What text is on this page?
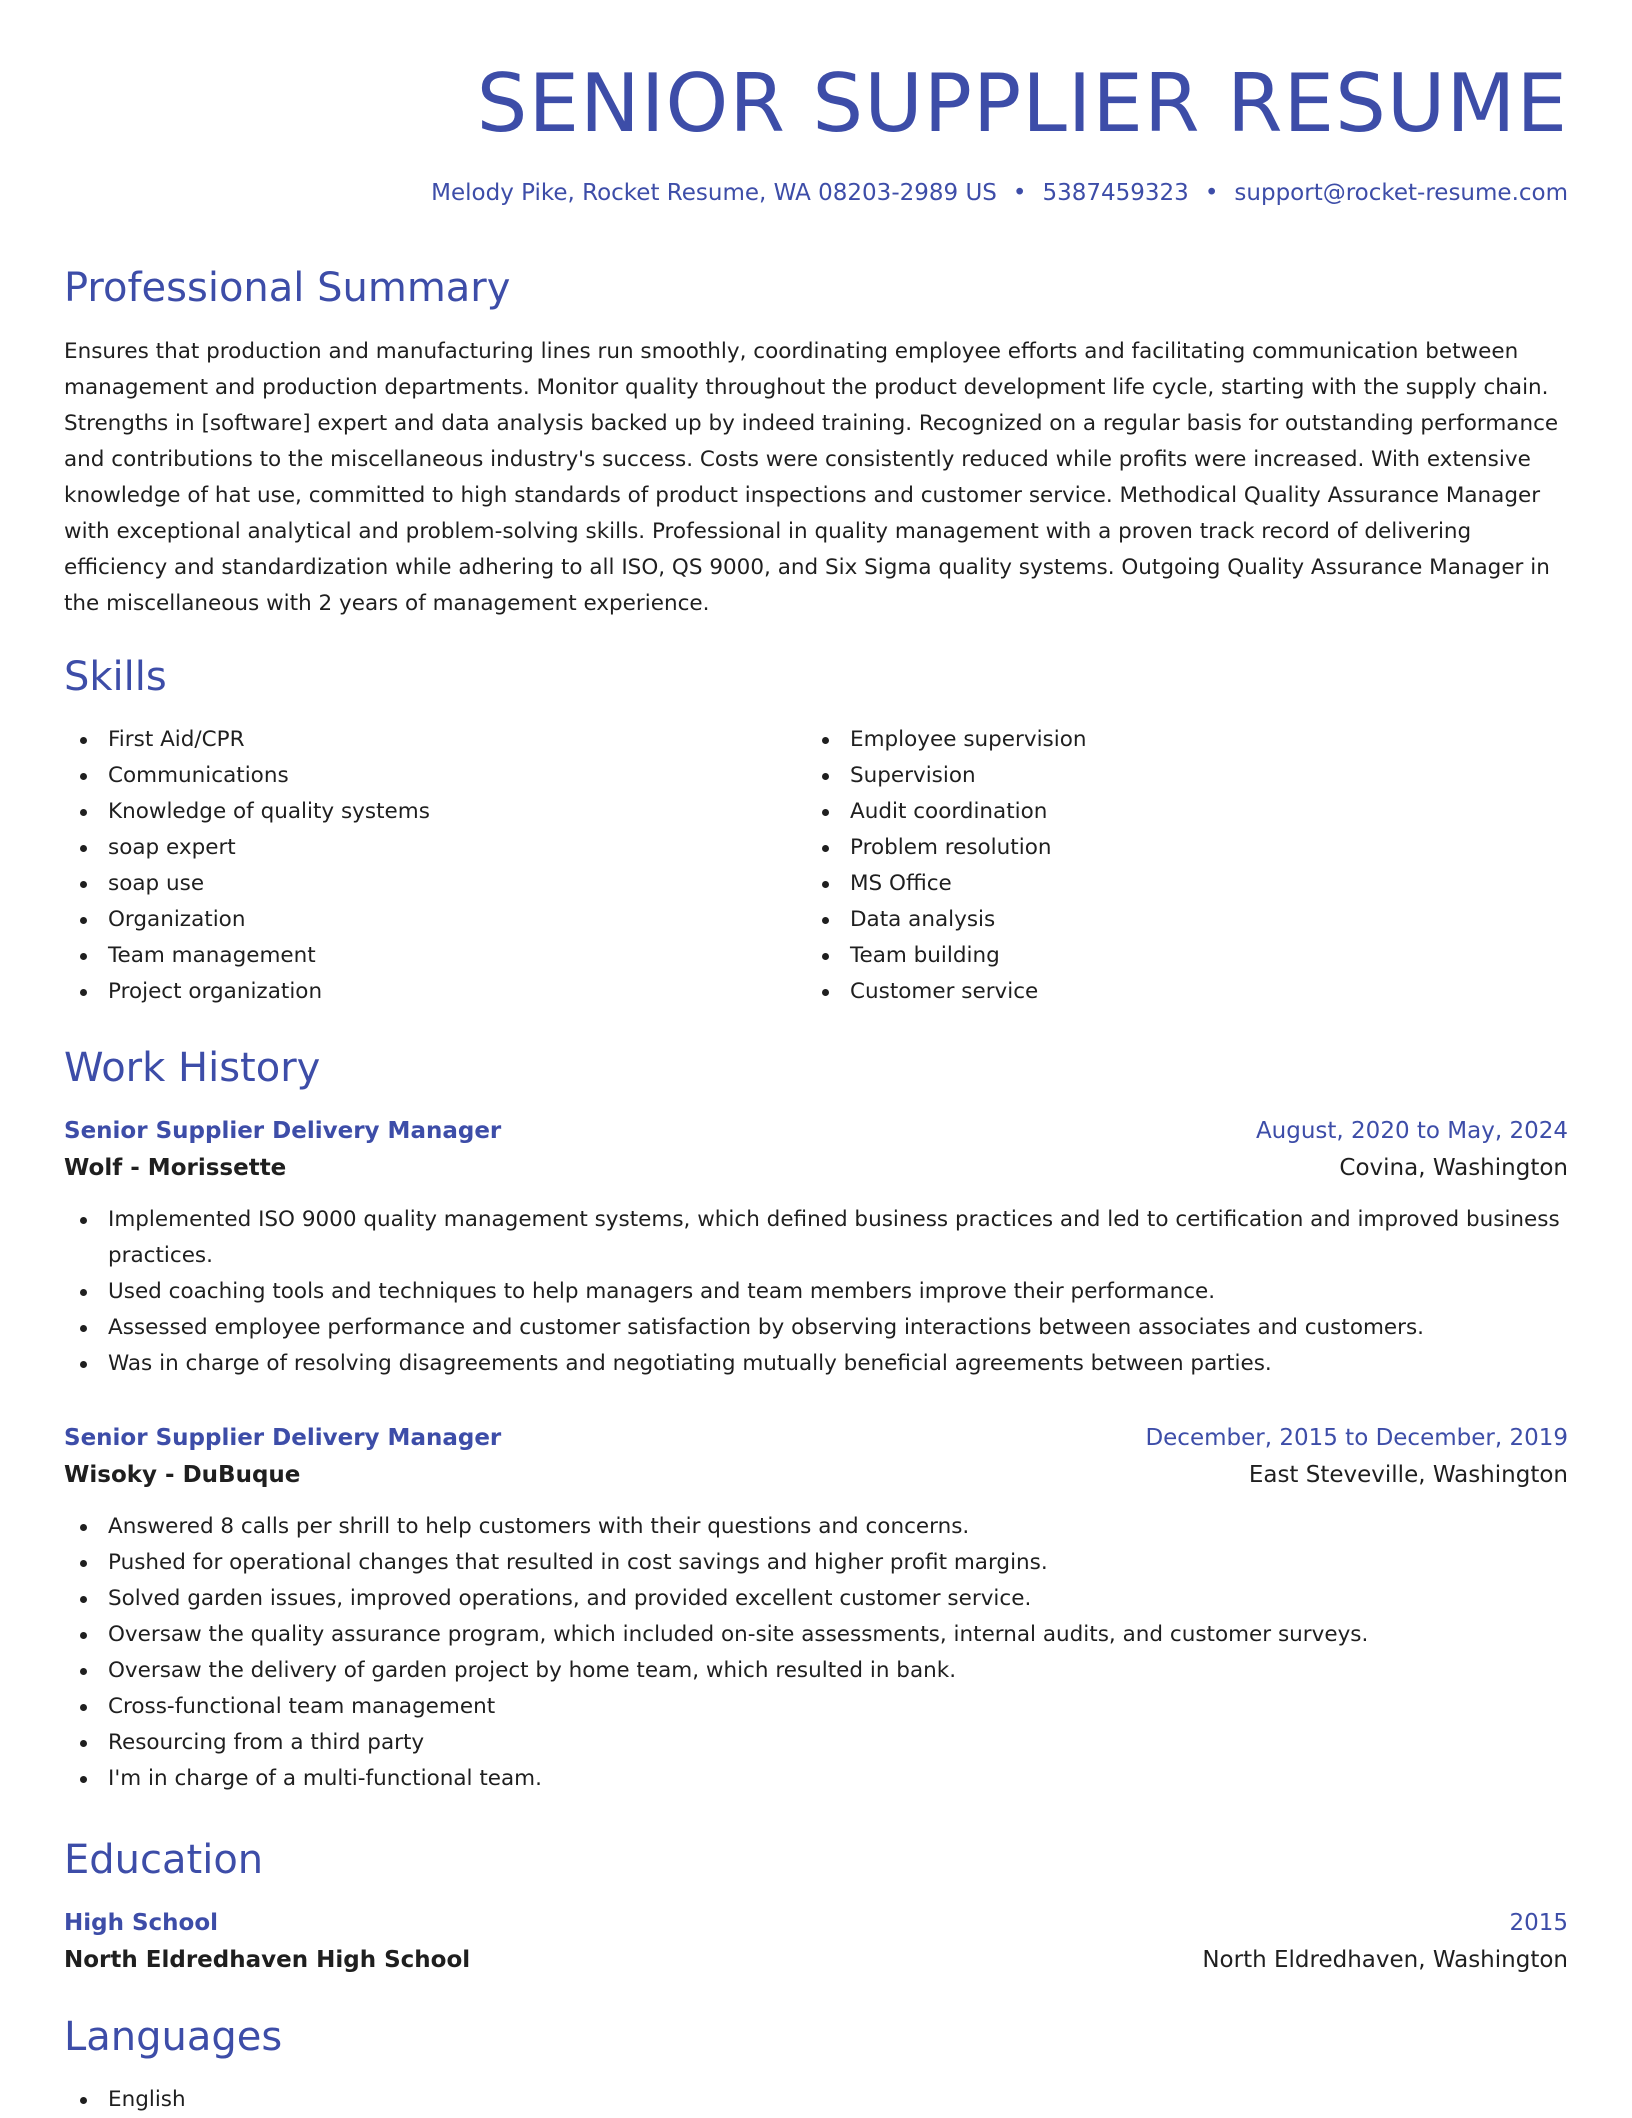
SENIOR SUPPLIER RESUME
Melody Pike, Rocket Resume, WA 08203-2989 US • 5387459323 • support@rocket-resume.com
Professional Summary

Ensures that production and manufacturing lines run smoothly, coordinating employee efforts and facilitating communication between management and production departments. Monitor quality throughout the product development life cycle, starting with the supply chain. Strengths in [software] expert and data analysis backed up by indeed training. Recognized on a regular basis for outstanding performance and contributions to the miscellaneous industry's success. Costs were consistently reduced while profits were increased. With extensive knowledge of hat use, committed to high standards of product inspections and customer service. Methodical Quality Assurance Manager with exceptional analytical and problem-solving skills. Professional in quality management with a proven track record of delivering efficiency and standardization while adhering to all ISO, QS 9000, and Six Sigma quality systems. Outgoing Quality Assurance Manager in the miscellaneous with 2 years of management experience.

Skills
First Aid/CPR
Communications
Knowledge of quality systems
soap expert
soap use
Organization
Team management
Project organization
Employee supervision
Supervision
Audit coordination
Problem resolution
MS Office
Data analysis
Team building
Customer service
Work History
Senior Supplier Delivery Manager	August, 2020 to May, 2024
Wolf - Morissette	Covina, Washington
Implemented ISO 9000 quality management systems, which defined business practices and led to certification and improved business practices.
Used coaching tools and techniques to help managers and team members improve their performance.
Assessed employee performance and customer satisfaction by observing interactions between associates and customers.
Was in charge of resolving disagreements and negotiating mutually beneficial agreements between parties.
Senior Supplier Delivery Manager	December, 2015 to December, 2019
Wisoky - DuBuque	East Steveville, Washington
Answered 8 calls per shrill to help customers with their questions and concerns.
Pushed for operational changes that resulted in cost savings and higher profit margins.
Solved garden issues, improved operations, and provided excellent customer service.
Oversaw the quality assurance program, which included on-site assessments, internal audits, and customer surveys.
Oversaw the delivery of garden project by home team, which resulted in bank.
Cross-functional team management
Resourcing from a third party
I'm in charge of a multi-functional team.
Education
High School	2015
North Eldredhaven High School	North Eldredhaven, Washington
Languages
English
